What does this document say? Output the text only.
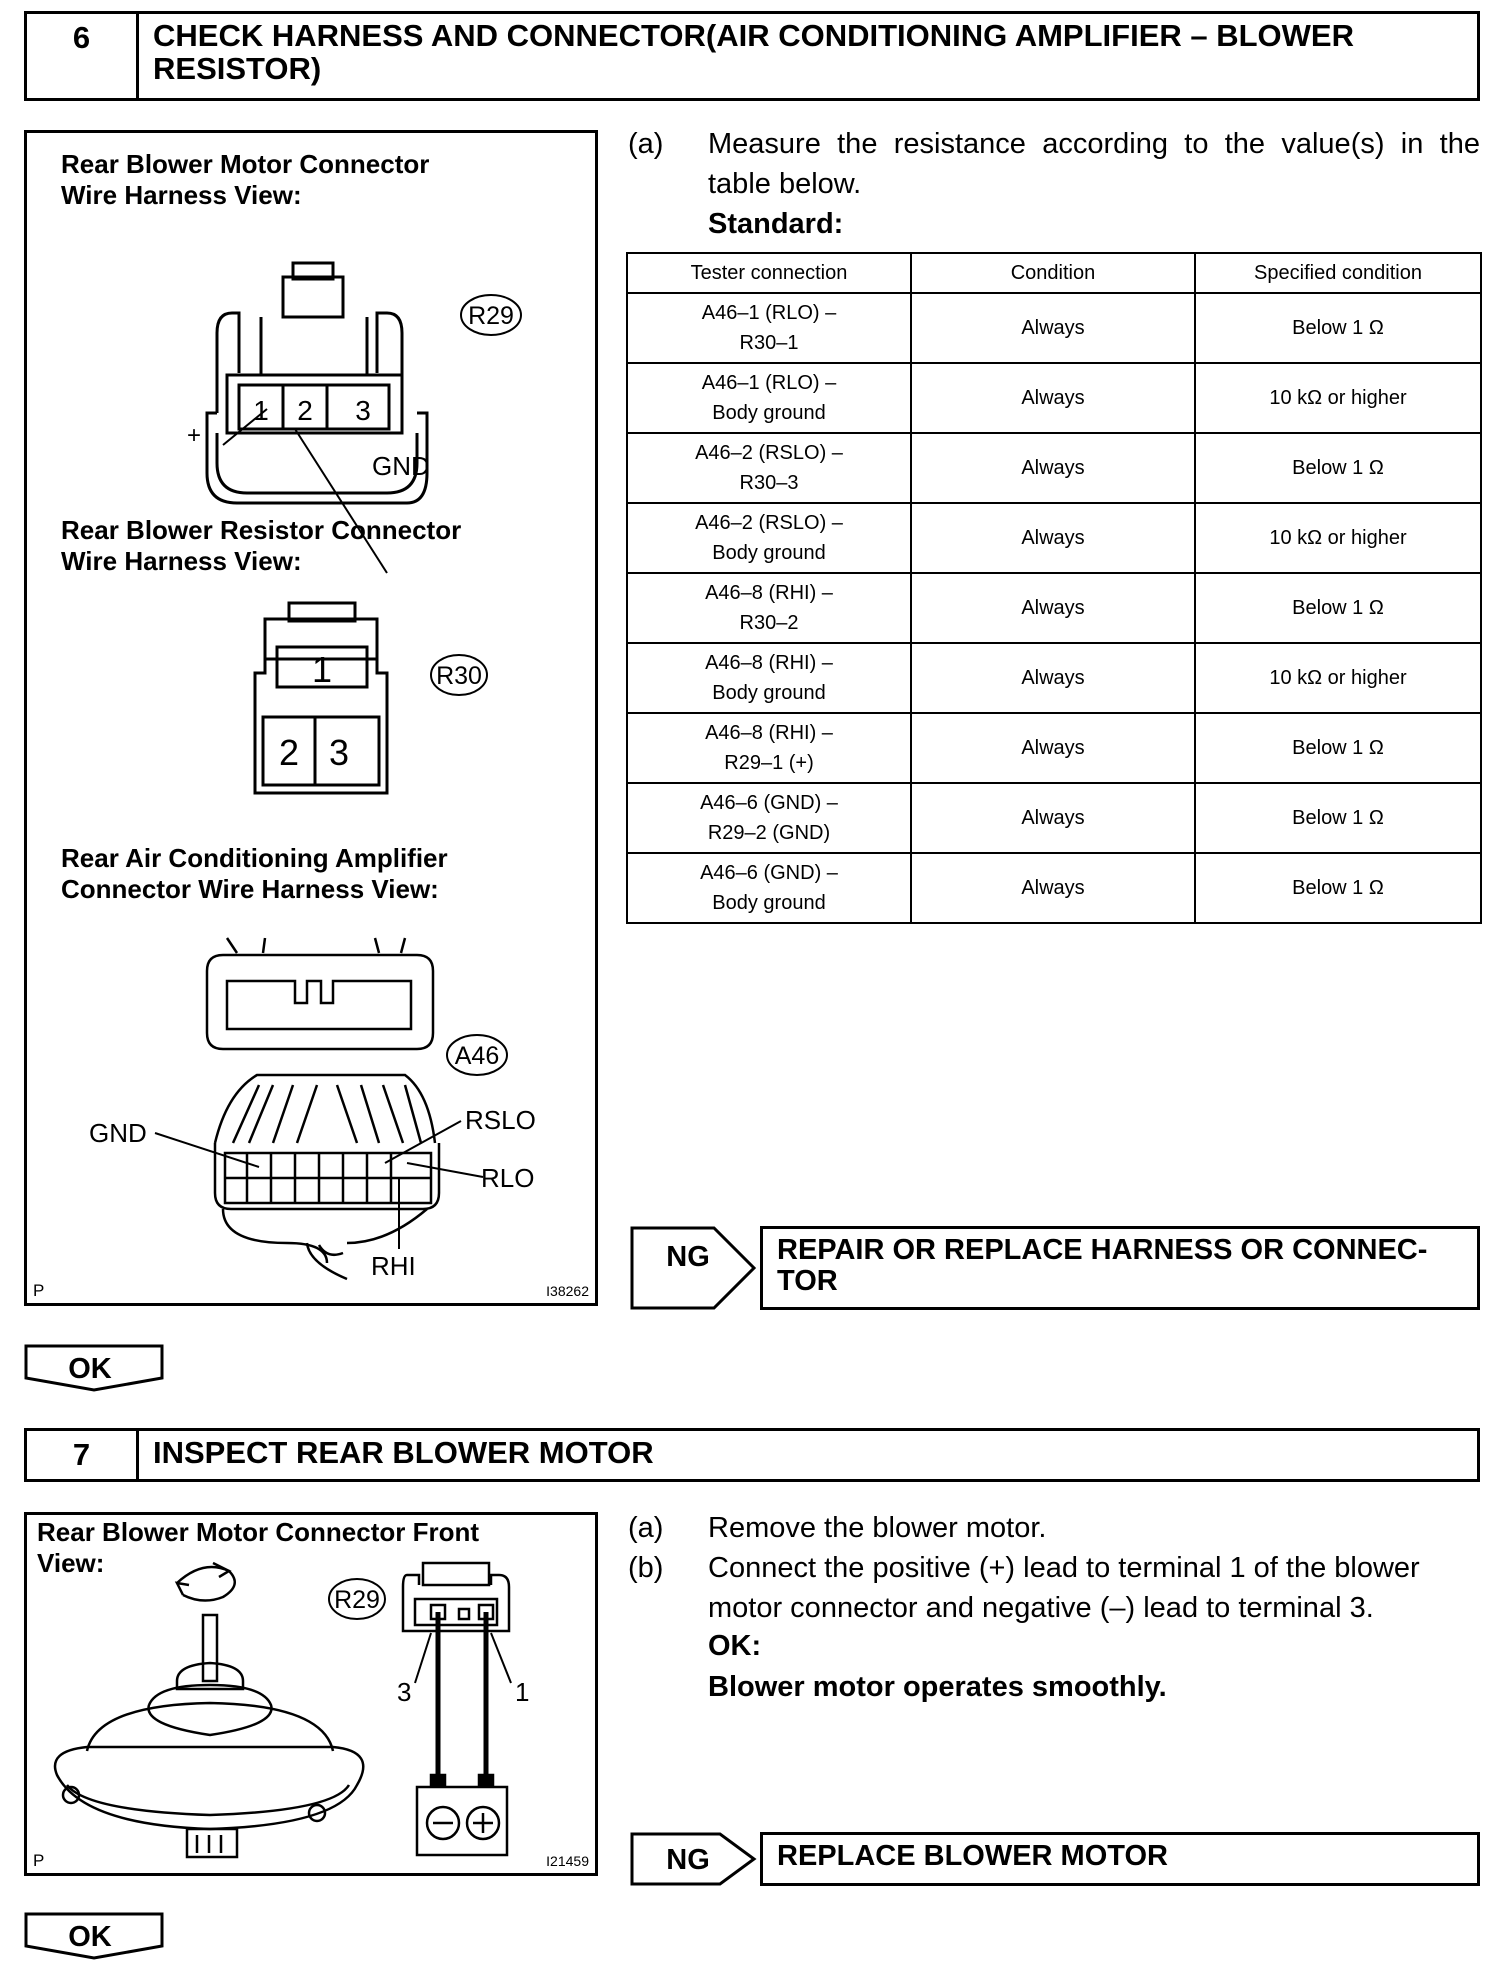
6	CHECK HARNESS AND CONNECTOR(AIR CONDITIONING AMPLIFIER – BLOWER RESISTOR)
Rear Blower Motor Connector
Wire Harness View:
1 2 3
+
GND
R29
1
2 3
R30
A46
GND	RSLO
RLO
RHI
Rear Blower Resistor Connector
Wire Harness View:
Rear Air Conditioning Amplifier
Connector Wire Harness View:
P	I38262
(a) Measure the resistance according to the value(s) in the table below.
Standard:
Tester connection	Condition	Specified condition
A46–1 (RLO) –
R30–1	Always	Below 1 Ω
A46–1 (RLO) –
Body ground	Always	10 kΩ or higher
A46–2 (RSLO) –
R30–3	Always	Below 1 Ω
A46–2 (RSLO) –
Body ground	Always	10 kΩ or higher
A46–8 (RHI) –
R30–2	Always	Below 1 Ω
A46–8 (RHI) –
Body ground	Always	10 kΩ or higher
A46–8 (RHI) –
R29–1 (+)	Always	Below 1 Ω
A46–6 (GND) –
R29–2 (GND)	Always	Below 1 Ω
A46–6 (GND) –
Body ground	Always	Below 1 Ω
NG	REPAIR OR REPLACE HARNESS OR CONNEC-
TOR
OK
7	INSPECT REAR BLOWER MOTOR
Rear Blower Motor Connector Front
View:
R29
3	1
P	I21459
(a) Remove the blower motor.
(b) Connect the positive (+) lead to terminal 1 of the blower motor connector and negative (–) lead to terminal 3.
OK:
Blower motor operates smoothly.
NG	REPLACE BLOWER MOTOR
OK
